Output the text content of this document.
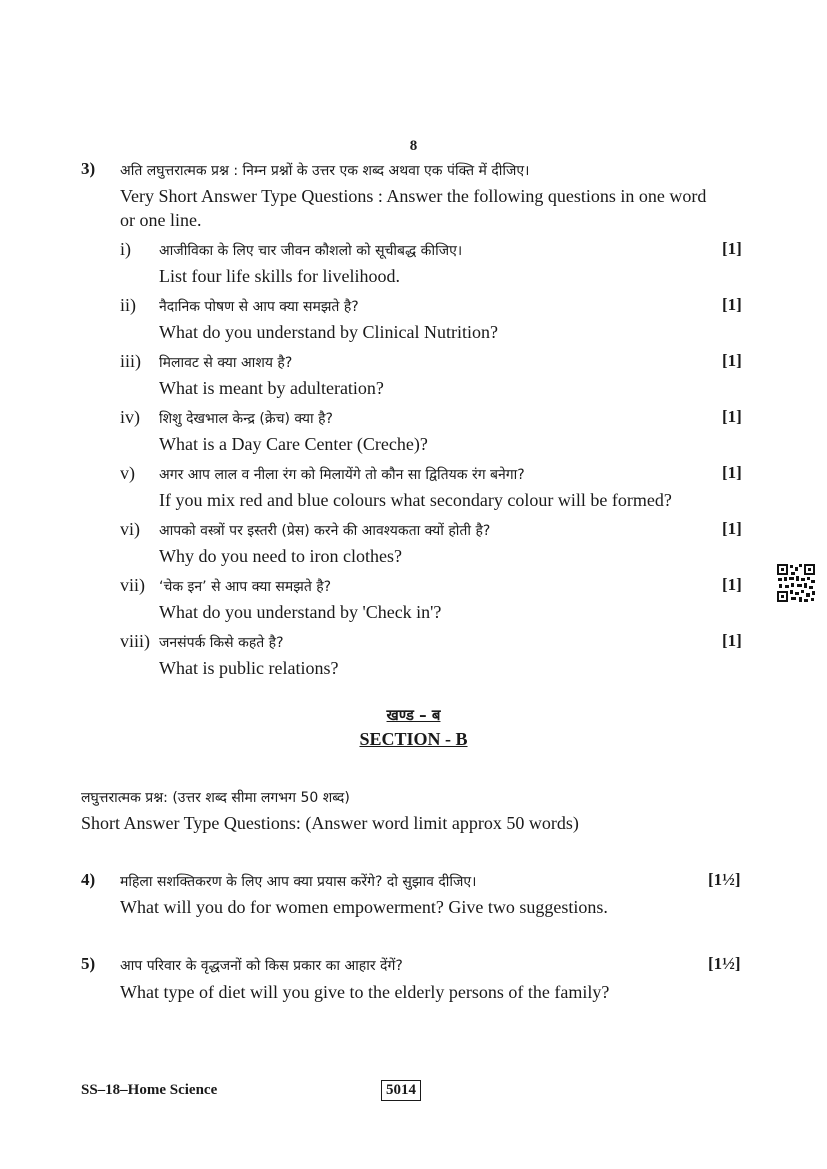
8
3) अति लघुत्तरात्मक प्रश्न : निम्न प्रश्नों के उत्तर एक शब्द अथवा एक पंक्ति में दीजिए।
Very Short Answer Type Questions : Answer the following questions in one word
or one line.
i) आजीविका के लिए चार जीवन कौशलो को सूचीबद्ध कीजिए।	[1]
List four life skills for livelihood.
ii) नैदानिक पोषण से आप क्या समझते है?	[1]
What do you understand by Clinical Nutrition?
iii) मिलावट से क्या आशय है?	[1]
What is meant by adulteration?
iv) शिशु देखभाल केन्द्र (क्रेच) क्या है?	[1]
What is a Day Care Center (Creche)?
v) अगर आप लाल व नीला रंग को मिलायेंगे तो कौन सा द्वितियक रंग बनेगा?	[1]
If you mix red and blue colours what secondary colour will be formed?
vi) आपको वस्त्रों पर इस्तरी (प्रेस) करने की आवश्यकता क्यों होती है?	[1]
Why do you need to iron clothes?
vii) ‘चेक इन’ से आप क्या समझते है?	[1]
What do you understand by 'Check in'?
viii) जनसंपर्क किसे कहते है?	[1]
What is public relations?
खण्ड – ब
SECTION - B
लघुत्तरात्मक प्रश्न: (उत्तर शब्द सीमा लगभग 50 शब्द)
Short Answer Type Questions: (Answer word limit approx 50 words)
4) महिला सशक्तिकरण के लिए आप क्या प्रयास करेंगे? दो सुझाव दीजिए।	[1½]
What will you do for women empowerment? Give two suggestions.
5) आप परिवार के वृद्धजनों को किस प्रकार का आहार देंगें?	[1½]
What type of diet will you give to the elderly persons of the family?
SS–18–Home Science	5014
